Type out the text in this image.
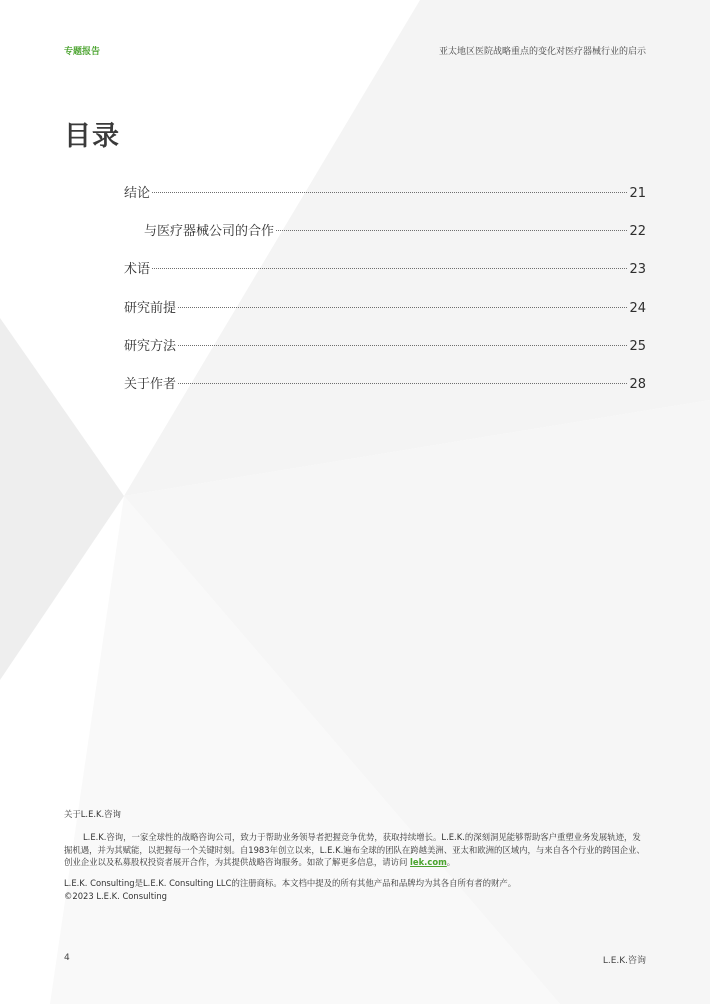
专题报告	亚太地区医院战略重点的变化对医疗器械行业的启示
目录
结论	21
与医疗器械公司的合作	22
术语	23
研究前提	24
研究方法	25
关于作者	28
关于L.E.K.咨询
L.E.K.咨询，一家全球性的战略咨询公司，致力于帮助业务领导者把握竞争优势，获取持续增长。L.E.K.的深刻洞见能够帮助客户重塑业务发展轨迹，发掘机遇，并为其赋能，以把握每一个关键时刻。自1983年创立以来，L.E.K.遍布全球的团队在跨越美洲、亚太和欧洲的区域内，与来自各个行业的跨国企业、创业企业以及私募股权投资者展开合作，为其提供战略咨询服务。如欲了解更多信息，请访问 lek.com。
L.E.K. Consulting是L.E.K. Consulting LLC的注册商标。本文档中提及的所有其他产品和品牌均为其各自所有者的财产。
©2023 L.E.K. Consulting
4	L.E.K.咨询
